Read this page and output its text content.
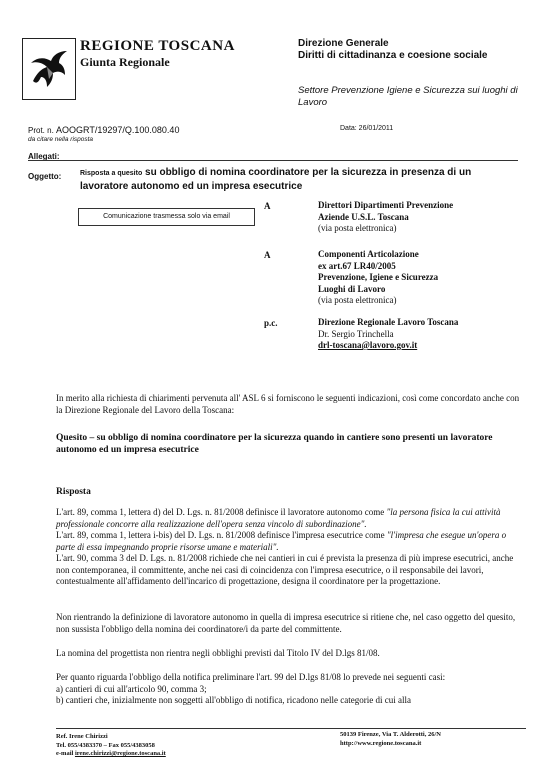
REGIONE TOSCANA
Giunta Regionale
Direzione Generale
Diritti di cittadinanza e coesione sociale
Settore Prevenzione Igiene e Sicurezza sui luoghi di Lavoro
Prot. n. AOOGRT/19297/Q.100.080.40
da citare nella risposta
Data: 26/01/2011
Allegati:
Oggetto:	Risposta a quesito su obbligo di nomina coordinatore per la sicurezza in presenza di un lavoratore autonomo ed un impresa esecutrice
Comunicazione trasmessa solo via email
A	Direttori Dipartimenti Prevenzione
Aziende U.S.L. Toscana
(via posta elettronica)
A	Componenti Articolazione
ex art.67 LR40/2005
Prevenzione, Igiene e Sicurezza
Luoghi di Lavoro
(via posta elettronica)
p.c.	Direzione Regionale Lavoro Toscana
Dr. Sergio Trinchella
drl-toscana@lavoro.gov.it
In merito alla richiesta di chiarimenti pervenuta all' ASL 6 si forniscono le seguenti indicazioni, così come concordato anche con la Direzione Regionale del Lavoro della Toscana:
Quesito – su obbligo di nomina coordinatore per la sicurezza quando in cantiere sono presenti un lavoratore autonomo ed un impresa esecutrice
Risposta
L'art. 89, comma 1, lettera d) del D. Lgs. n. 81/2008 definisce il lavoratore autonomo come "la persona fisica la cui attività professionale concorre alla realizzazione dell'opera senza vincolo di subordinazione".
L'art. 89, comma 1, lettera i-bis) del D. Lgs. n. 81/2008 definisce l'impresa esecutrice come "l'impresa che esegue un'opera o parte di essa impegnando proprie risorse umane e materiali".
L'art. 90, comma 3 del D. Lgs. n. 81/2008 richiede che nei cantieri in cui é prevista la presenza di più imprese esecutrici, anche non contemporanea, il committente, anche nei casi di coincidenza con l'impresa esecutrice, o il responsabile dei lavori, contestualmente all'affidamento dell'incarico di progettazione, designa il coordinatore per la progettazione.
Non rientrando la definizione di lavoratore autonomo in quella di impresa esecutrice si ritiene che, nel caso oggetto del quesito, non sussista l'obbligo della nomina dei coordinatore/i da parte del committente.
La nomina del progettista non rientra negli obblighi previsti dal Titolo IV del D.lgs 81/08.
Per quanto riguarda l'obbligo della notifica preliminare l'art. 99 del D.lgs 81/08 lo prevede nei seguenti casi:
a) cantieri di cui all'articolo 90, comma 3;
b) cantieri che, inizialmente non soggetti all'obbligo di notifica, ricadono nelle categorie di cui alla
Ref. Irene Chirizzi
Tel. 055/4383370 – Fax 055/4383058
e-mail irene.chirizzi@regione.toscana.it
50139 Firenze, Via T. Alderotti, 26/N
http://www.regione.toscana.it
